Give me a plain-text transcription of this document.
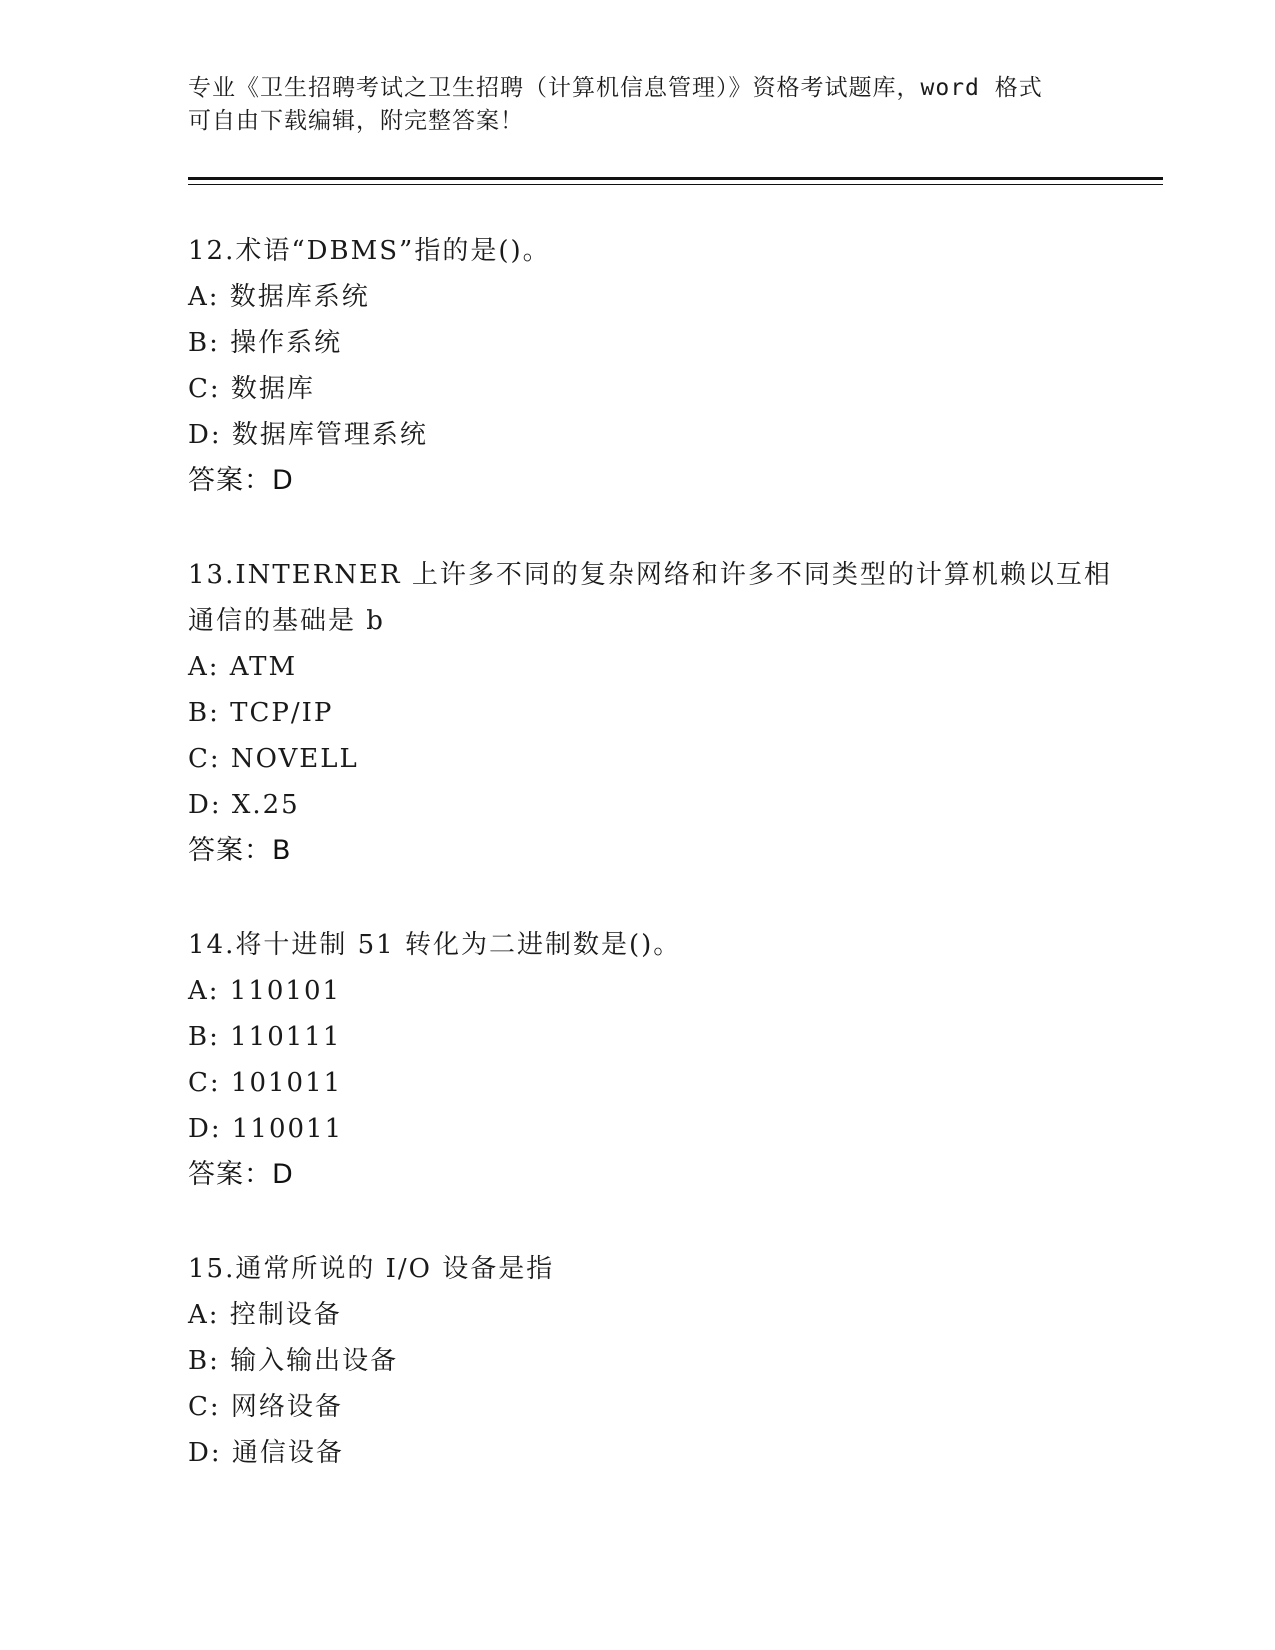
专业《卫生招聘考试之卫生招聘（计算机信息管理）》资格考试题库，word 格式
可自由下载编辑，附完整答案！
12.术语“DBMS”指的是()。
A: 数据库系统
B: 操作系统
C: 数据库
D: 数据库管理系统
答案：D
13.INTERNER 上许多不同的复杂网络和许多不同类型的计算机赖以互相
通信的基础是 b
A: ATM
B: TCP/IP
C: NOVELL
D: X.25
答案：B
14.将十进制 51 转化为二进制数是()。
A: 110101
B: 110111
C: 101011
D: 110011
答案：D
15.通常所说的 I/O 设备是指
A: 控制设备
B: 输入输出设备
C: 网络设备
D: 通信设备
